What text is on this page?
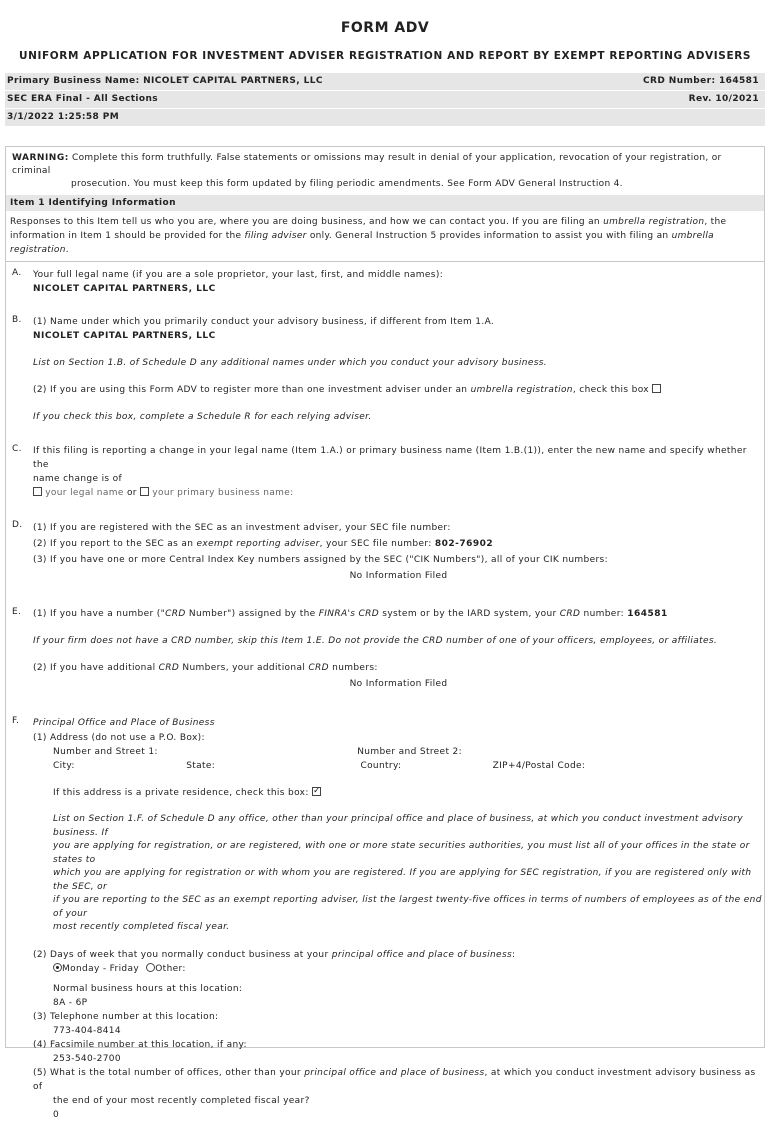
FORM ADV
UNIFORM APPLICATION FOR INVESTMENT ADVISER REGISTRATION AND REPORT BY EXEMPT REPORTING ADVISERS
Primary Business Name: NICOLET CAPITAL PARTNERS, LLC	CRD Number: 164581
SEC ERA Final - All Sections	Rev. 10/2021
3/1/2022 1:25:58 PM
WARNING: Complete this form truthfully. False statements or omissions may result in denial of your application, revocation of your registration, or criminal
prosecution. You must keep this form updated by filing periodic amendments. See Form ADV General Instruction 4.
Item 1 Identifying Information
Responses to this Item tell us who you are, where you are doing business, and how we can contact you. If you are filing an umbrella registration, the information in Item 1 should be provided for the filing adviser only. General Instruction 5 provides information to assist you with filing an umbrella registration.
A. Your full legal name (if you are a sole proprietor, your last, first, and middle names):
NICOLET CAPITAL PARTNERS, LLC
B. (1) Name under which you primarily conduct your advisory business, if different from Item 1.A.
NICOLET CAPITAL PARTNERS, LLC
List on Section 1.B. of Schedule D any additional names under which you conduct your advisory business.
(2) If you are using this Form ADV to register more than one investment adviser under an umbrella registration, check this box
If you check this box, complete a Schedule R for each relying adviser.
C. If this filing is reporting a change in your legal name (Item 1.A.) or primary business name (Item 1.B.(1)), enter the new name and specify whether the
name change is of
your legal name or your primary business name:
D. (1) If you are registered with the SEC as an investment adviser, your SEC file number:
(2) If you report to the SEC as an exempt reporting adviser, your SEC file number: 802-76902
(3) If you have one or more Central Index Key numbers assigned by the SEC ("CIK Numbers"), all of your CIK numbers:
No Information Filed
E. (1) If you have a number ("CRD Number") assigned by the FINRA's CRD system or by the IARD system, your CRD number: 164581
If your firm does not have a CRD number, skip this Item 1.E. Do not provide the CRD number of one of your officers, employees, or affiliates.
(2) If you have additional CRD Numbers, your additional CRD numbers:
No Information Filed
F. Principal Office and Place of Business
(1) Address (do not use a P.O. Box):
Number and Street 1:	Number and Street 2:
City:	State:	Country:	ZIP+4/Postal Code:
If this address is a private residence, check this box: ✓
List on Section 1.F. of Schedule D any office, other than your principal office and place of business, at which you conduct investment advisory business. If
you are applying for registration, or are registered, with one or more state securities authorities, you must list all of your offices in the state or states to
which you are applying for registration or with whom you are registered. If you are applying for SEC registration, if you are registered only with the SEC, or
if you are reporting to the SEC as an exempt reporting adviser, list the largest twenty-five offices in terms of numbers of employees as of the end of your
most recently completed fiscal year.
(2) Days of week that you normally conduct business at your principal office and place of business:
Monday - Friday Other:
Normal business hours at this location:
8A - 6P
(3) Telephone number at this location:
773-404-8414
(4) Facsimile number at this location, if any:
253-540-2700
(5) What is the total number of offices, other than your principal office and place of business, at which you conduct investment advisory business as of
the end of your most recently completed fiscal year?
0
